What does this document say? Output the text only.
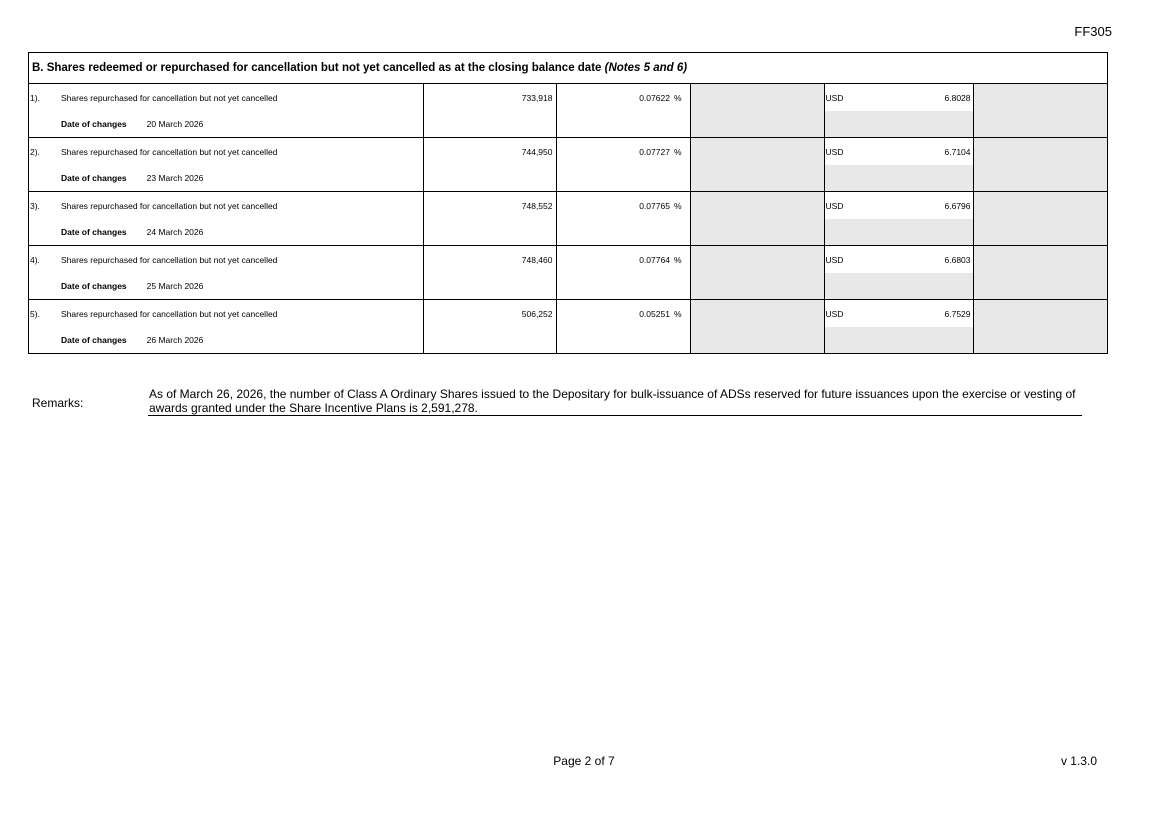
FF305
B. Shares redeemed or repurchased for cancellation but not yet cancelled as at the closing balance date (Notes 5 and 6)
1).	Shares repurchased for cancellation but not yet cancelled	733,918	0.07622 %		USD	6.8028	
	Date of changes 20 March 2026						
2).	Shares repurchased for cancellation but not yet cancelled	744,950	0.07727 %		USD	6.7104	
	Date of changes 23 March 2026						
3).	Shares repurchased for cancellation but not yet cancelled	748,552	0.07765 %		USD	6.6796	
	Date of changes 24 March 2026						
4).	Shares repurchased for cancellation but not yet cancelled	748,460	0.07764 %		USD	6.6803	
	Date of changes 25 March 2026						
5).	Shares repurchased for cancellation but not yet cancelled	506,252	0.05251 %		USD	6.7529	
	Date of changes 26 March 2026						
Remarks:
As of March 26, 2026, the number of Class A Ordinary Shares issued to the Depositary for bulk-issuance of ADSs reserved for future issuances upon the exercise or vesting of awards granted under the Share Incentive Plans is 2,591,278.
Page 2 of 7	v 1.3.0
